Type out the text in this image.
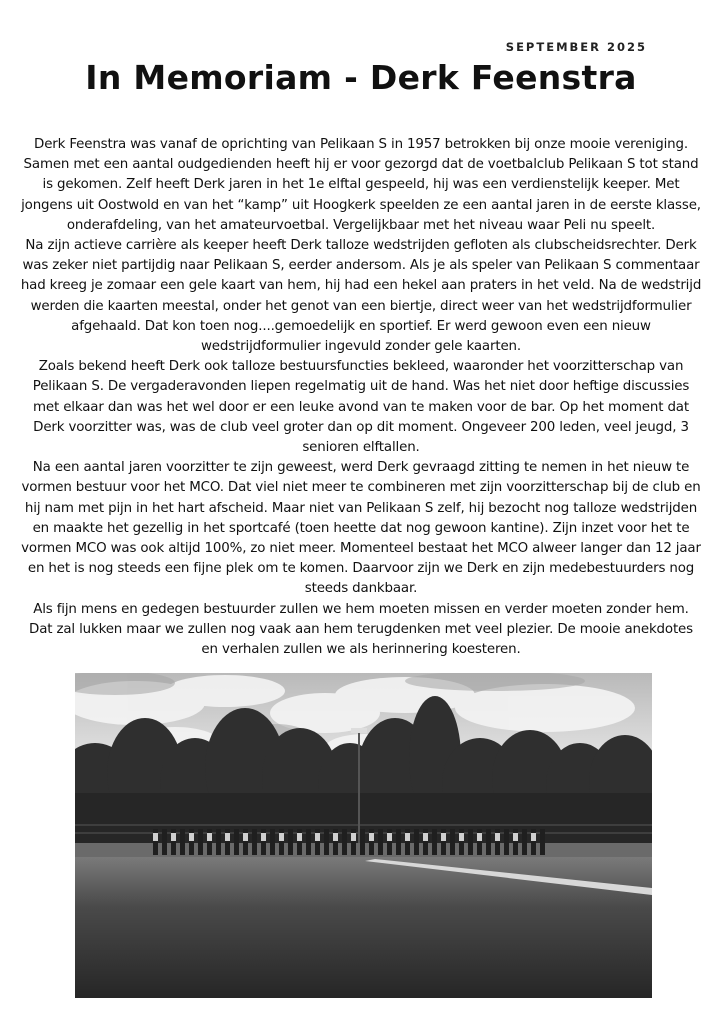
SEPTEMBER 2025
In Memoriam - Derk Feenstra

Derk Feenstra was vanaf de oprichting van Pelikaan S in 1957 betrokken bij onze mooie vereniging. Samen met een aantal oudgedienden heeft hij er voor gezorgd dat de voetbalclub Pelikaan S tot stand is gekomen. Zelf heeft Derk jaren in het 1e elftal gespeeld, hij was een verdienstelijk keeper. Met jongens uit Oostwold en van het “kamp” uit Hoogkerk speelden ze een aantal jaren in de eerste klasse, onderafdeling, van het amateurvoetbal. Vergelijkbaar met het niveau waar Peli nu speelt.

Na zijn actieve carrière als keeper heeft Derk talloze wedstrijden gefloten als clubscheidsrechter. Derk was zeker niet partijdig naar Pelikaan S, eerder andersom. Als je als speler van Pelikaan S commentaar had kreeg je zomaar een gele kaart van hem, hij had een hekel aan praters in het veld. Na de wedstrijd werden die kaarten meestal, onder het genot van een biertje, direct weer van het wedstrijdformulier afgehaald. Dat kon toen nog....gemoedelijk en sportief. Er werd gewoon even een nieuw wedstrijdformulier ingevuld zonder gele kaarten.

Zoals bekend heeft Derk ook talloze bestuursfuncties bekleed, waaronder het voorzitterschap van Pelikaan S. De vergaderavonden liepen regelmatig uit de hand. Was het niet door heftige discussies met elkaar dan was het wel door er een leuke avond van te maken voor de bar. Op het moment dat Derk voorzitter was, was de club veel groter dan op dit moment. Ongeveer 200 leden, veel jeugd, 3 senioren elftallen.

Na een aantal jaren voorzitter te zijn geweest, werd Derk gevraagd zitting te nemen in het nieuw te vormen bestuur voor het MCO. Dat viel niet meer te combineren met zijn voorzitterschap bij de club en hij nam met pijn in het hart afscheid. Maar niet van Pelikaan S zelf, hij bezocht nog talloze wedstrijden en maakte het gezellig in het sportcafé (toen heette dat nog gewoon kantine). Zijn inzet voor het te vormen MCO was ook altijd 100%, zo niet meer. Momenteel bestaat het MCO alweer langer dan 12 jaar en het is nog steeds een fijne plek om te komen. Daarvoor zijn we Derk en zijn medebestuurders nog steeds dankbaar.

Als fijn mens en gedegen bestuurder zullen we hem moeten missen en verder moeten zonder hem. Dat zal lukken maar we zullen nog vaak aan hem terugdenken met veel plezier. De mooie anekdotes en verhalen zullen we als herinnering koesteren.
